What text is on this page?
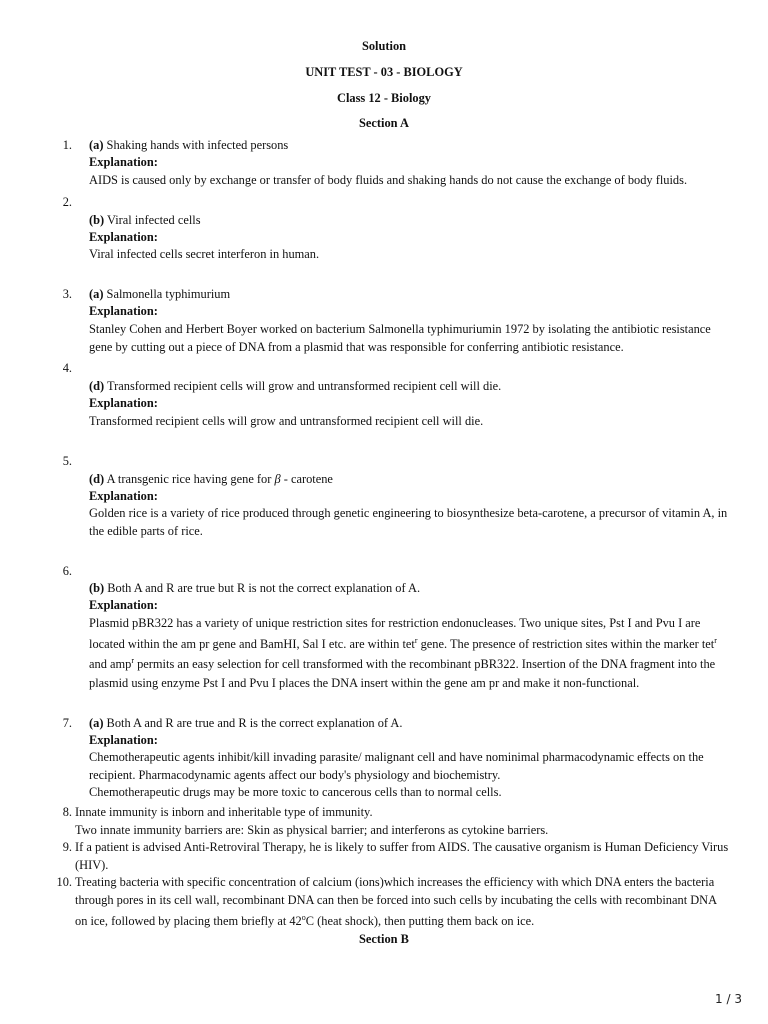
Solution
UNIT TEST - 03 - BIOLOGY
Class 12 - Biology
Section A
1. (a) Shaking hands with infected persons
Explanation:
AIDS is caused only by exchange or transfer of body fluids and shaking hands do not cause the exchange of body fluids.
2.
(b) Viral infected cells
Explanation:
Viral infected cells secret interferon in human.
3. (a) Salmonella typhimurium
Explanation:
Stanley Cohen and Herbert Boyer worked on bacterium Salmonella typhimuriumin 1972 by isolating the antibiotic resistance gene by cutting out a piece of DNA from a plasmid that was responsible for conferring antibiotic resistance.
4.
(d) Transformed recipient cells will grow and untransformed recipient cell will die.
Explanation:
Transformed recipient cells will grow and untransformed recipient cell will die.
5.
(d) A transgenic rice having gene for β - carotene
Explanation:
Golden rice is a variety of rice produced through genetic engineering to biosynthesize beta-carotene, a precursor of vitamin A, in the edible parts of rice.
6.
(b) Both A and R are true but R is not the correct explanation of A.
Explanation:
Plasmid pBR322 has a variety of unique restriction sites for restriction endonucleases. Two unique sites, Pst I and Pvu I are
located within the am pr gene and BamHI, Sal I etc. are within tet$^r$ gene. The presence of restriction sites within the marker tet$^r$
and amp$^r$ permits an easy selection for cell transformed with the recombinant pBR322. Insertion of the DNA fragment into the
plasmid using enzyme Pst I and Pvu I places the DNA insert within the gene am pr and make it non-functional.
7. (a) Both A and R are true and R is the correct explanation of A.
Explanation:
Chemotherapeutic agents inhibit/kill invading parasite/ malignant cell and have nominimal pharmacodynamic effects on the recipient. Pharmacodynamic agents affect our body's physiology and biochemistry.
Chemotherapeutic drugs may be more toxic to cancerous cells than to normal cells.
8. Innate immunity is inborn and inheritable type of immunity.
Two innate immunity barriers are: Skin as physical barrier; and interferons as cytokine barriers.
9. If a patient is advised Anti-Retroviral Therapy, he is likely to suffer from AIDS. The causative organism is Human Deficiency Virus (HIV).
10. Treating bacteria with specific concentration of calcium (ions)which increases the efficiency with which DNA enters the bacteria
through pores in its cell wall, recombinant DNA can then be forced into such cells by incubating the cells with recombinant DNA
on ice, followed by placing them briefly at 42$^o$C (heat shock), then putting them back on ice.
Section B
1 / 3
